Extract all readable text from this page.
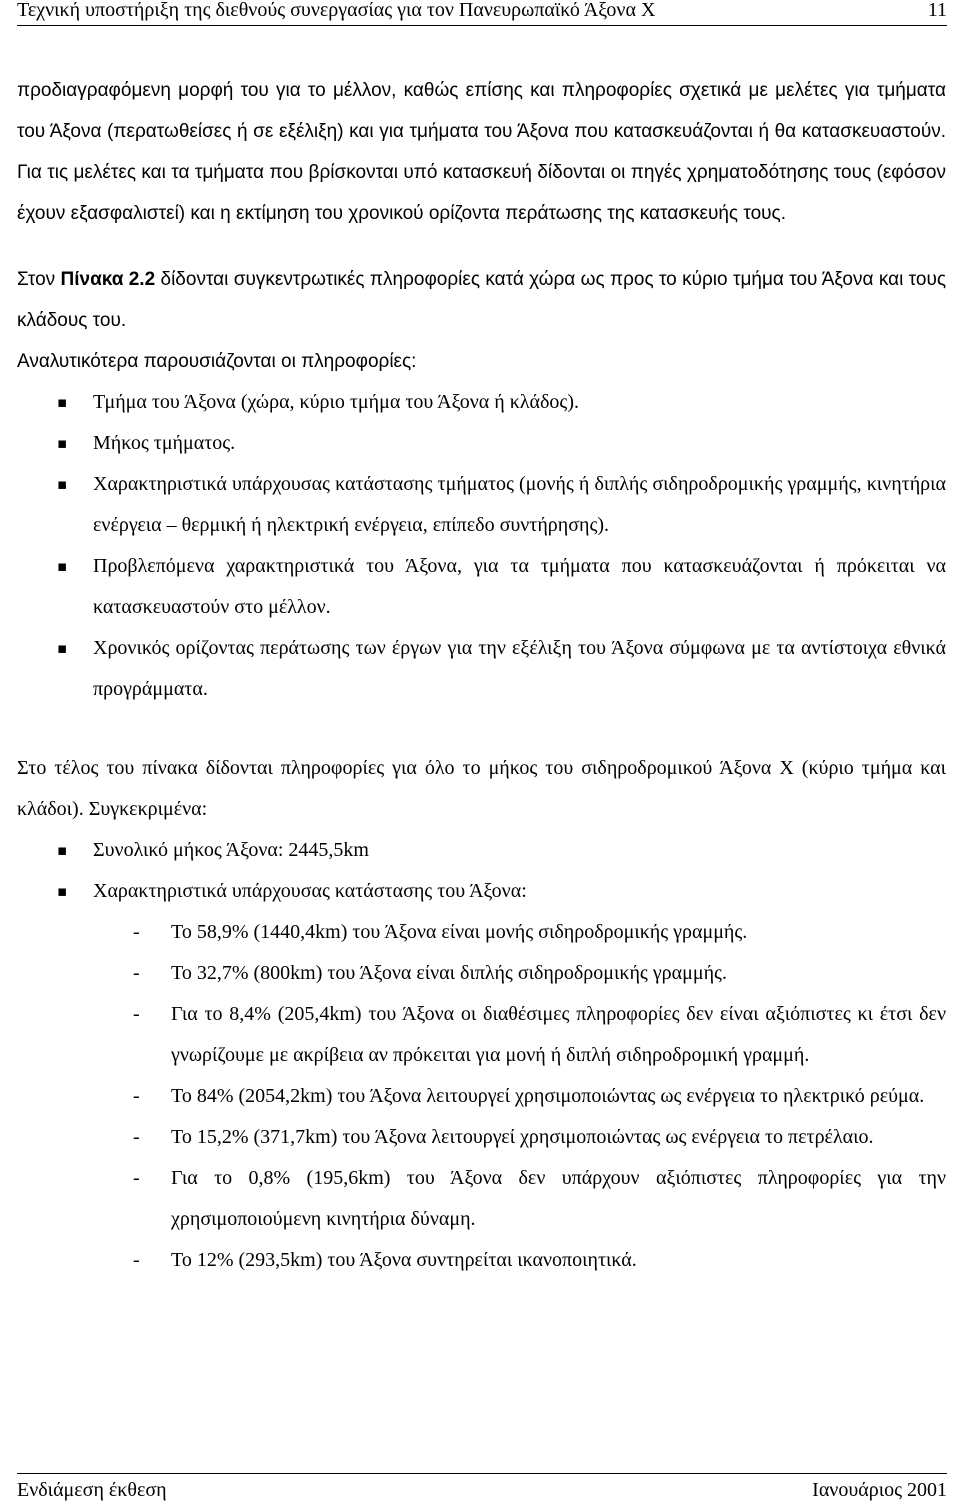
Τεχνική υποστήριξη της διεθνούς συνεργασίας για τον Πανευρωπαϊκό Άξονα Χ	11

προδιαγραφόμενη μορφή του για το μέλλον, καθώς επίσης και πληροφορίες σχετικά με μελέτες για τμήματα του Άξονα (περατωθείσες ή σε εξέλιξη) και για τμήματα του Άξονα που κατασκευάζονται ή θα κατασκευαστούν. Για τις μελέτες και τα τμήματα που βρίσκονται υπό κατασκευή δίδονται οι πηγές χρηματοδότησης τους (εφόσον έχουν εξασφαλιστεί) και η εκτίμηση του χρονικού ορίζοντα περάτωσης της κατασκευής τους.

Στον Πίνακα 2.2 δίδονται συγκεντρωτικές πληροφορίες κατά χώρα ως προς το κύριο τμήμα του Άξονα και τους κλάδους του.

Αναλυτικότερα παρουσιάζονται οι πληροφορίες:

▪ Τμήμα του Άξονα (χώρα, κύριο τμήμα του Άξονα ή κλάδος).
▪ Μήκος τμήματος.
▪ Χαρακτηριστικά υπάρχουσας κατάστασης τμήματος (μονής ή διπλής σιδηροδρομικής γραμμής, κινητήρια ενέργεια – θερμική ή ηλεκτρική ενέργεια, επίπεδο συντήρησης).
▪ Προβλεπόμενα χαρακτηριστικά του Άξονα, για τα τμήματα που κατασκευάζονται ή πρόκειται να κατασκευαστούν στο μέλλον.
▪ Χρονικός ορίζοντας περάτωσης των έργων για την εξέλιξη του Άξονα σύμφωνα με τα αντίστοιχα εθνικά προγράμματα.

Στο τέλος του πίνακα δίδονται πληροφορίες για όλο το μήκος του σιδηροδρομικού Άξονα Χ (κύριο τμήμα και κλάδοι). Συγκεκριμένα:

▪ Συνολικό μήκος Άξονα: 2445,5km
▪ Χαρακτηριστικά υπάρχουσας κατάστασης του Άξονα:
- Το 58,9% (1440,4km) του Άξονα είναι μονής σιδηροδρομικής γραμμής.
- Το 32,7% (800km) του Άξονα είναι διπλής σιδηροδρομικής γραμμής.
- Για το 8,4% (205,4km) του Άξονα οι διαθέσιμες πληροφορίες δεν είναι αξιόπιστες κι έτσι δεν γνωρίζουμε με ακρίβεια αν πρόκειται για μονή ή διπλή σιδηροδρομική γραμμή.
- Το 84% (2054,2km) του Άξονα λειτουργεί χρησιμοποιώντας ως ενέργεια το ηλεκτρικό ρεύμα.
- Το 15,2% (371,7km) του Άξονα λειτουργεί χρησιμοποιώντας ως ενέργεια το πετρέλαιο.
- Για το 0,8% (195,6km) του Άξονα δεν υπάρχουν αξιόπιστες πληροφορίες για την χρησιμοποιούμενη κινητήρια δύναμη.
- Το 12% (293,5km) του Άξονα συντηρείται ικανοποιητικά.
Ενδιάμεση έκθεση	Ιανουάριος 2001
